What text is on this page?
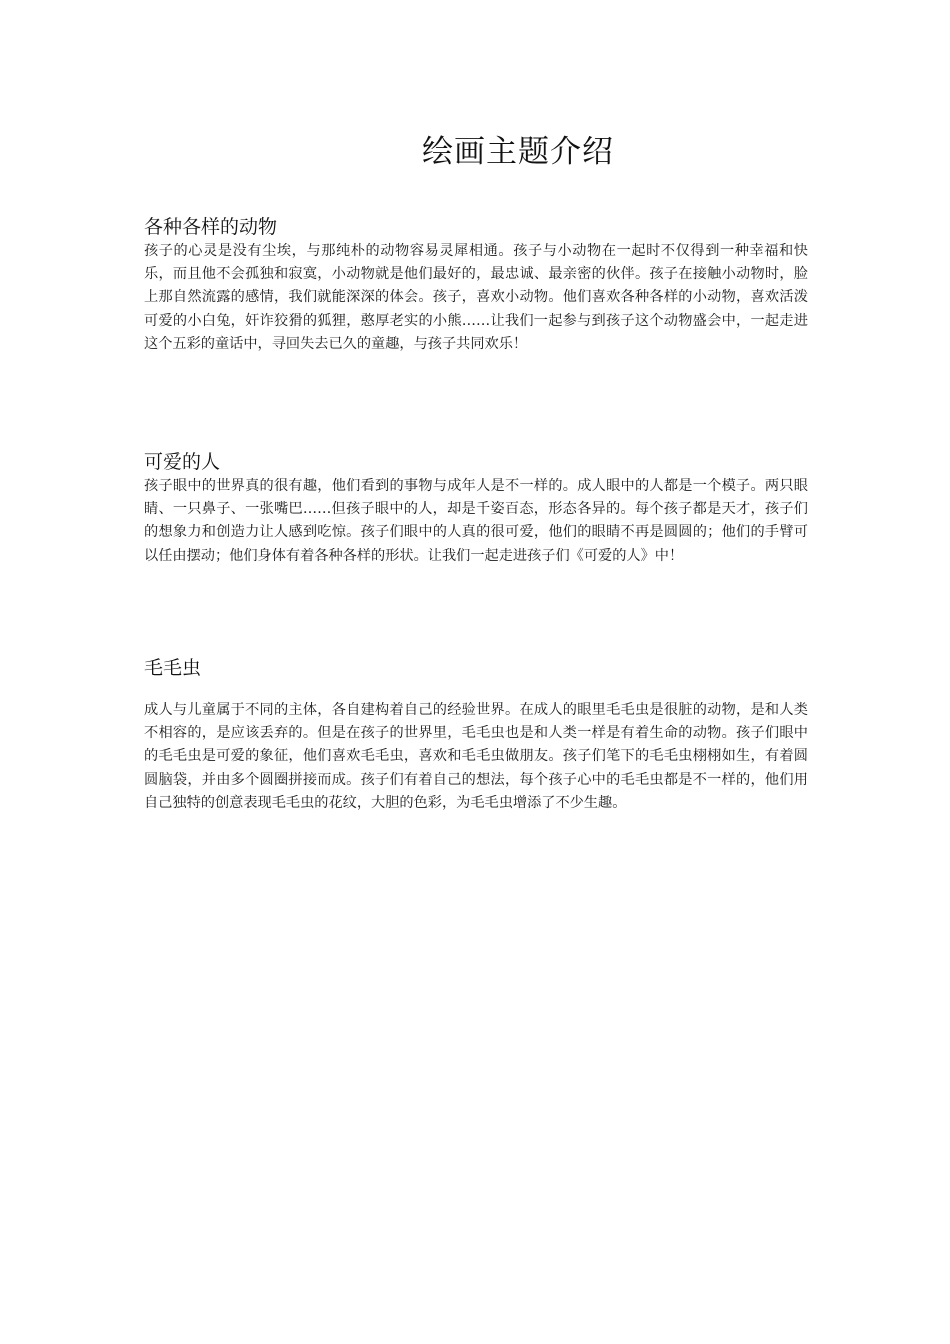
绘画主题介绍
各种各样的动物

孩子的心灵是没有尘埃，与那纯朴的动物容易灵犀相通。孩子与小动物在一起时不仅得到一种幸福和快乐，而且他不会孤独和寂寞，小动物就是他们最好的，最忠诚、最亲密的伙伴。孩子在接触小动物时，脸上那自然流露的感情，我们就能深深的体会。孩子，喜欢小动物。他们喜欢各种各样的小动物，喜欢活泼可爱的小白兔，奸诈狡猾的狐狸，憨厚老实的小熊……让我们一起参与到孩子这个动物盛会中，一起走进这个五彩的童话中，寻回失去已久的童趣，与孩子共同欢乐！

可爱的人

孩子眼中的世界真的很有趣，他们看到的事物与成年人是不一样的。成人眼中的人都是一个模子。两只眼睛、一只鼻子、一张嘴巴……但孩子眼中的人，却是千姿百态，形态各异的。每个孩子都是天才，孩子们的想象力和创造力让人感到吃惊。孩子们眼中的人真的很可爱，他们的眼睛不再是圆圆的；他们的手臂可以任由摆动；他们身体有着各种各样的形状。让我们一起走进孩子们《可爱的人》中！

毛毛虫

成人与儿童属于不同的主体，各自建构着自己的经验世界。在成人的眼里毛毛虫是很脏的动物，是和人类不相容的，是应该丢弃的。但是在孩子的世界里，毛毛虫也是和人类一样是有着生命的动物。孩子们眼中的毛毛虫是可爱的象征，他们喜欢毛毛虫，喜欢和毛毛虫做朋友。孩子们笔下的毛毛虫栩栩如生，有着圆圆脑袋，并由多个圆圈拼接而成。孩子们有着自己的想法，每个孩子心中的毛毛虫都是不一样的，他们用自己独特的创意表现毛毛虫的花纹，大胆的色彩，为毛毛虫增添了不少生趣。
